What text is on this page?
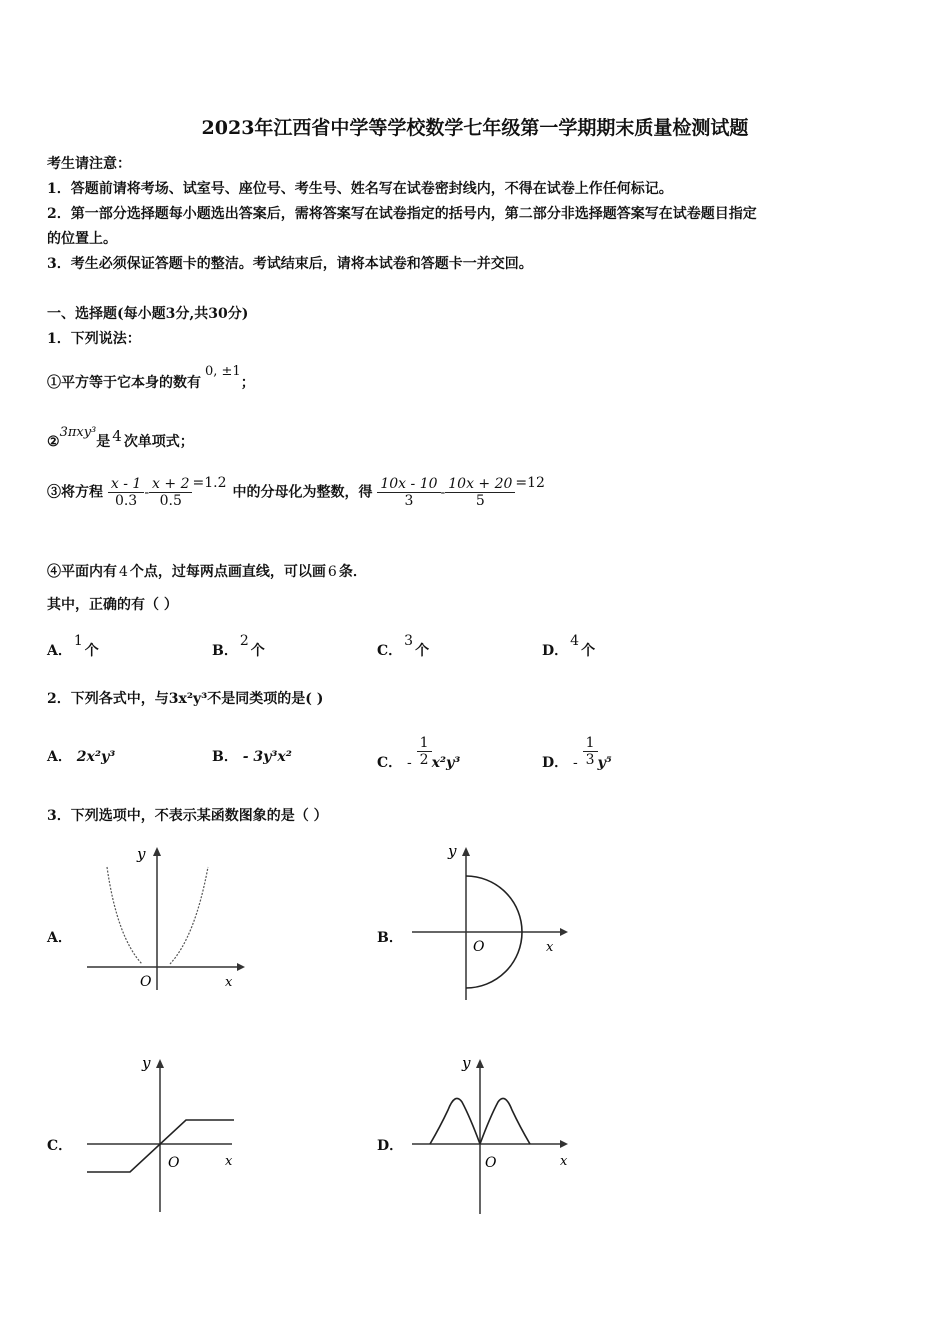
2023年江西省中学等学校数学七年级第一学期期末质量检测试题
考生请注意：
1．答题前请将考场、试室号、座位号、考生号、姓名写在试卷密封线内，不得在试卷上作任何标记。
2．第一部分选择题每小题选出答案后，需将答案写在试卷指定的括号内，第二部分非选择题答案写在试卷题目指定
的位置上。
3．考生必须保证答题卡的整洁。考试结束后，请将本试卷和答题卡一并交回。
一、选择题(每小题3分,共30分)
1．下列说法：
①平方等于它本身的数有0, ±1；
②3πxy³是 4 次单项式；
③将方程 $\frac{x - 1}{0.3} - \frac{x + 2}{0.5} =1.2$中的分母化为整数，得 $\frac{10x - 10}{3} - \frac{10x + 20}{5} =12$
④平面内有 4 个点，过每两点画直线，可以画 6 条．
其中，正确的有（ ）
A．1个	B．2个	C．3个	D．4个
2．下列各式中，与3x²y³不是同类项的是( )
A． 2x²y³	B． - 3y³x²	C． - $\frac{1}{2} x^2y^3$	D． - $\frac{1}{3} y^5$
3．下列选项中，不表示某函数图象的是（ ）
A．
y
O	x
B．
y
O	x
C．
y
O	x
D．
y
O	x
